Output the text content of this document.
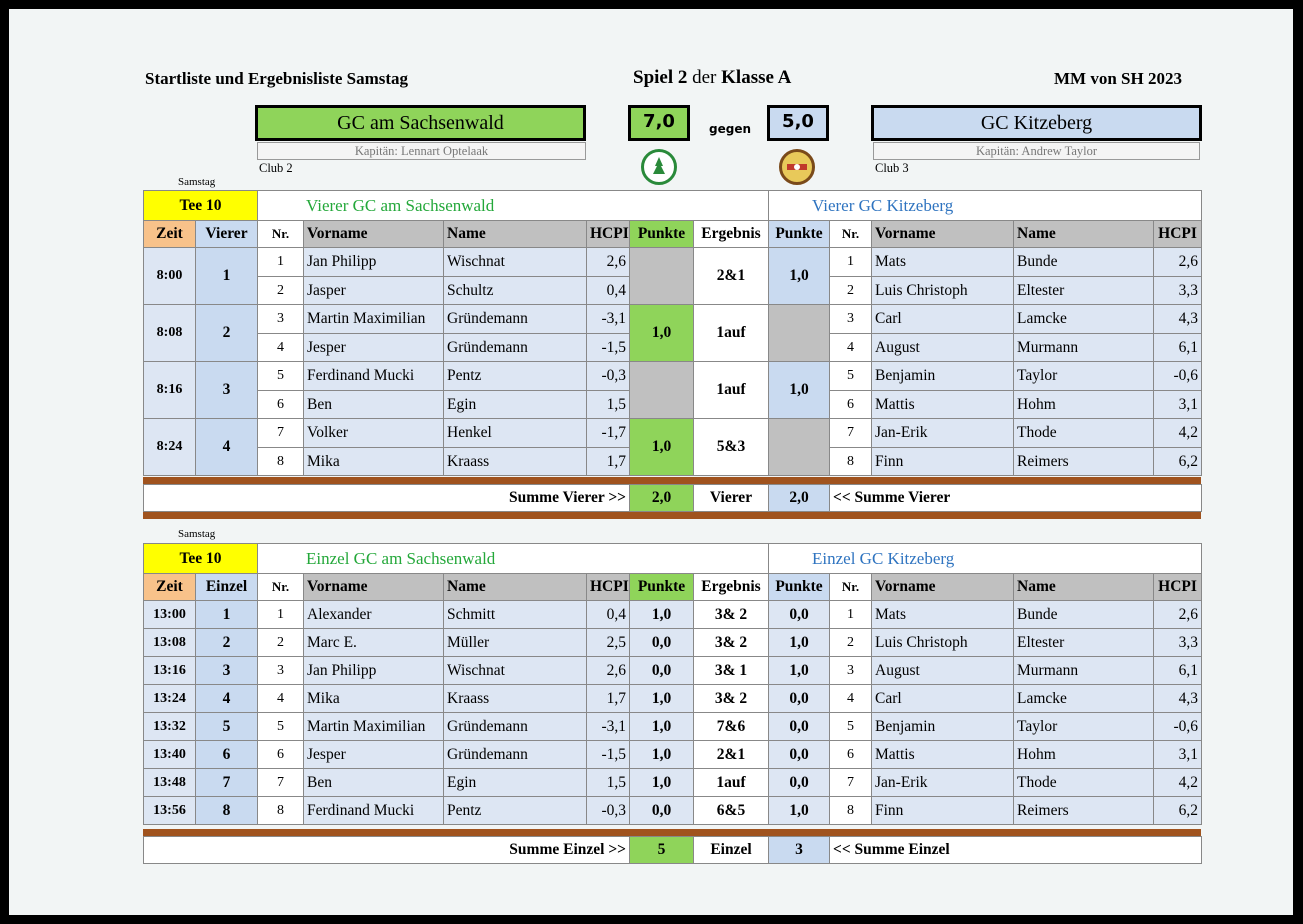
Startliste und Ergebnisliste Samstag	Spiel 2 der Klasse A	MM von SH 2023
GC am Sachsenwald	7,0	gegen	5,0	GC Kitzeberg
Kapitän: Lennart Optelaak	Kapitän: Andrew Taylor
Club 2	Club 3
Samstag
Tee 10		Vierer GC am Sachsenwald						Vierer GC Kitzeberg				
Zeit	Vierer	Nr.	Vorname	Name	HCPI	Punkte	Ergebnis	Punkte	Nr.	Vorname	Name	HCPI
8:00	1	1	Jan Philipp	Wischnat	2,6		2&1	1,0	1	Mats	Bunde	2,6
		2	Jasper	Schultz	0,4				2	Luis Christoph	Eltester	3,3
8:08	2	3	Martin Maximilian	Gründemann	-3,1	1,0	1auf		3	Carl	Lamcke	4,3
		4	Jesper	Gründemann	-1,5				4	August	Murmann	6,1
8:16	3	5	Ferdinand Mucki	Pentz	-0,3		1auf	1,0	5	Benjamin	Taylor	-0,6
		6	Ben	Egin	1,5				6	Mattis	Hohm	3,1
8:24	4	7	Volker	Henkel	-1,7	1,0	5&3		7	Jan-Erik	Thode	4,2
		8	Mika	Kraass	1,7				8	Finn	Reimers	6,2
Summe Vierer >>	2,0	Vierer	2,0	<< Summe Vierer
Samstag
Tee 10		Einzel GC am Sachsenwald						Einzel GC Kitzeberg				
Zeit	Einzel	Nr.	Vorname	Name	HCPI	Punkte	Ergebnis	Punkte	Nr.	Vorname	Name	HCPI
13:00	1	1	Alexander	Schmitt	0,4	1,0	3& 2	0,0	1	Mats	Bunde	2,6
13:08	2	2	Marc E.	Müller	2,5	0,0	3& 2	1,0	2	Luis Christoph	Eltester	3,3
13:16	3	3	Jan Philipp	Wischnat	2,6	0,0	3& 1	1,0	3	August	Murmann	6,1
13:24	4	4	Mika	Kraass	1,7	1,0	3& 2	0,0	4	Carl	Lamcke	4,3
13:32	5	5	Martin Maximilian	Gründemann	-3,1	1,0	7&6	0,0	5	Benjamin	Taylor	-0,6
13:40	6	6	Jesper	Gründemann	-1,5	1,0	2&1	0,0	6	Mattis	Hohm	3,1
13:48	7	7	Ben	Egin	1,5	1,0	1auf	0,0	7	Jan-Erik	Thode	4,2
13:56	8	8	Ferdinand Mucki	Pentz	-0,3	0,0	6&5	1,0	8	Finn	Reimers	6,2
Summe Einzel >>	5	Einzel	3	<< Summe Einzel
